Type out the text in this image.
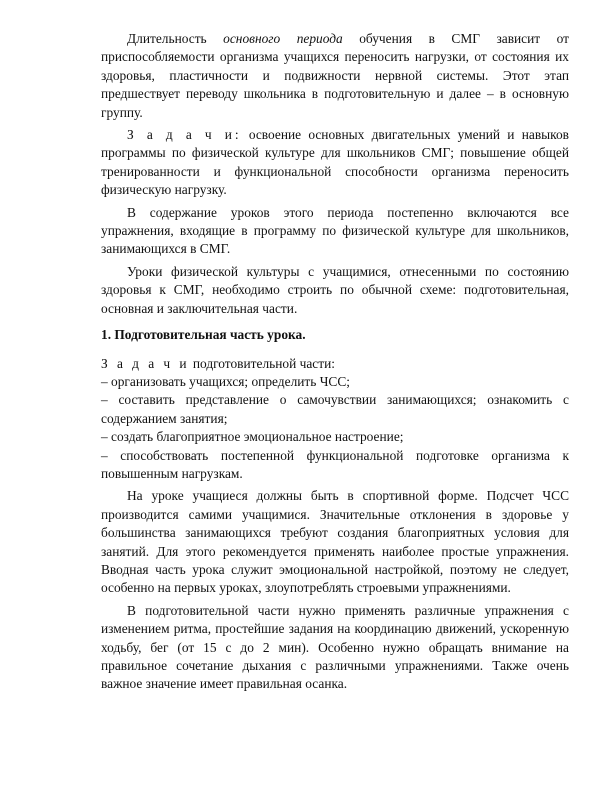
Длительность основного периода обучения в СМГ зависит от приспособляемости организма учащихся переносить нагрузки, от состояния их здоровья, пластичности и подвижности нервной системы. Этот этап предшествует переводу школьника в подготовительную и далее – в основную группу.

З а д а ч и: освоение основных двигательных умений и навыков программы по физической культуре для школьников СМГ; повышение общей тренированности и функциональной способности организма переносить физическую нагрузку.

В содержание уроков этого периода постепенно включаются все упражнения, входящие в программу по физической культуре для школьников, занимающихся в СМГ.

Уроки физической культуры с учащимися, отнесенными по состоянию здоровья к СМГ, необходимо строить по обычной схеме: подготовительная, основная и заключительная части.

1. Подготовительная часть урока.

З а д а ч и подготовительной части:

– организовать учащихся; определить ЧСС;

– составить представление о самочувствии занимающихся; ознакомить с содержанием занятия;

– создать благоприятное эмоциональное настроение;

– способствовать постепенной функциональной подготовке организма к повышенным нагрузкам.

На уроке учащиеся должны быть в спортивной форме. Подсчет ЧСС производится самими учащимися. Значительные отклонения в здоровье у большинства занимающихся требуют создания благоприятных условия для занятий. Для этого рекомендуется применять наиболее простые упражнения. Вводная часть урока служит эмоциональной настройкой, поэтому не следует, особенно на первых уроках, злоупотреблять строевыми упражнениями.

В подготовительной части нужно применять различные упражнения с изменением ритма, простейшие задания на координацию движений, ускоренную ходьбу, бег (от 15 с до 2 мин). Особенно нужно обращать внимание на правильное сочетание дыхания с различными упражнениями. Также очень важное значение имеет правильная осанка.
